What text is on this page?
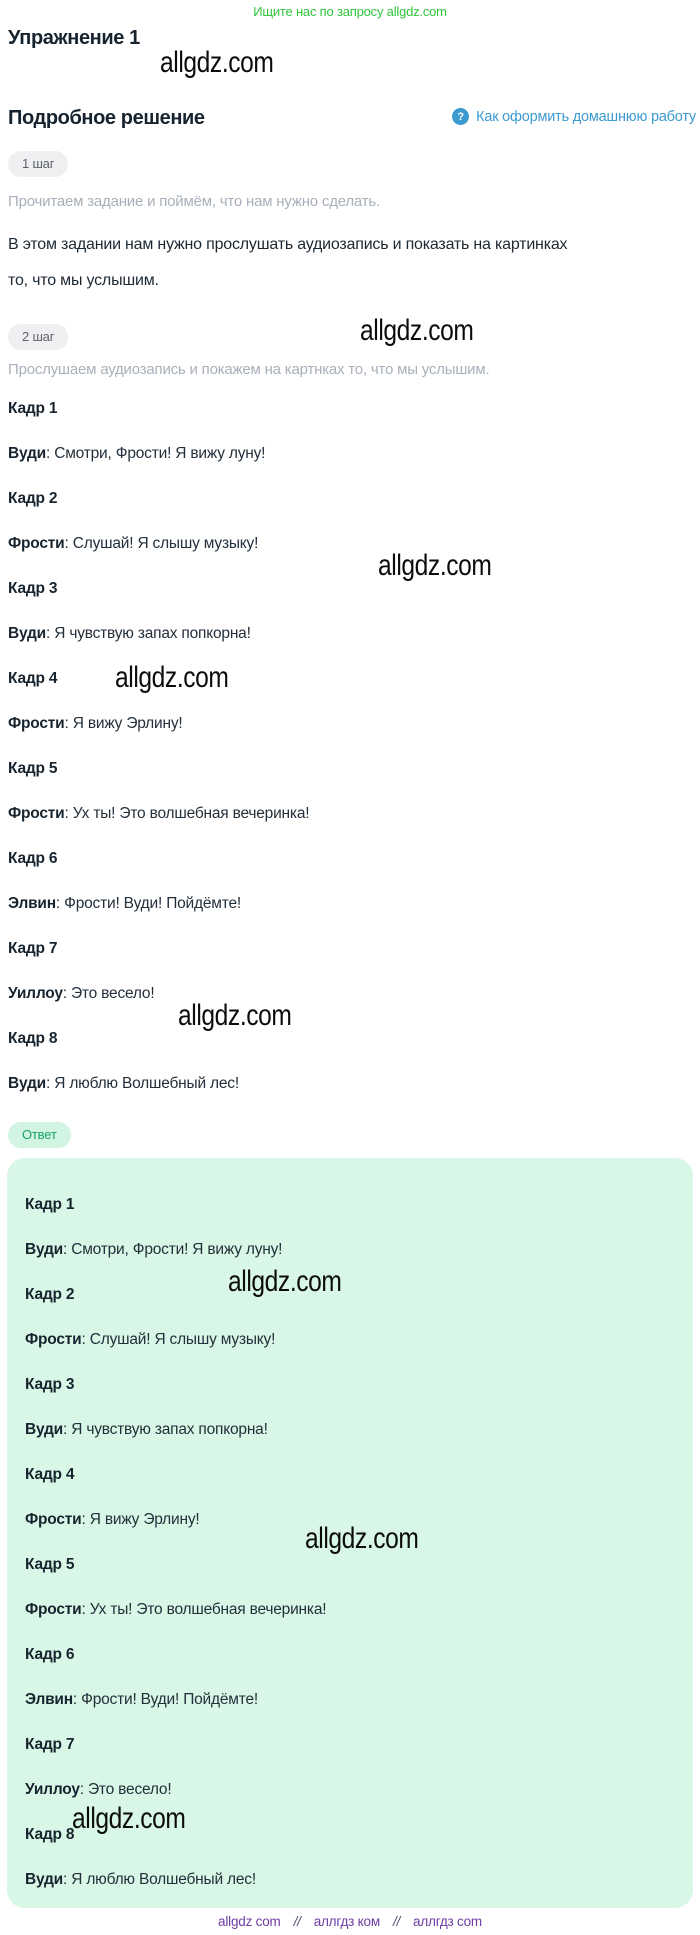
Ищите нас по запросу allgdz.com
Упражнение 1
Подробное решение	? Как оформить домашнюю работу
1 шаг
Прочитаем задание и поймём, что нам нужно сделать.
В этом задании нам нужно прослушать аудиозапись и показать на картинках то, что мы услышим.
2 шаг
Прослушаем аудиозапись и покажем на картнках то, что мы услышим.
Кадр 1
Вуди: Смотри, Фрости! Я вижу луну!
Кадр 2
Фрости: Слушай! Я слышу музыку!
Кадр 3
Вуди: Я чувствую запах попкорна!
Кадр 4
Фрости: Я вижу Эрлину!
Кадр 5
Фрости: Ух ты! Это волшебная вечеринка!
Кадр 6
Элвин: Фрости! Вуди! Пойдёмте!
Кадр 7
Уиллоу: Это весело!
Кадр 8
Вуди: Я люблю Волшебный лес!
Ответ
Кадр 1
Вуди: Смотри, Фрости! Я вижу луну!
Кадр 2
Фрости: Слушай! Я слышу музыку!
Кадр 3
Вуди: Я чувствую запах попкорна!
Кадр 4
Фрости: Я вижу Эрлину!
Кадр 5
Фрости: Ух ты! Это волшебная вечеринка!
Кадр 6
Элвин: Фрости! Вуди! Пойдёмте!
Кадр 7
Уиллоу: Это весело!
Кадр 8
Вуди: Я люблю Волшебный лес!
allgdz.com
allgdz.com
allgdz.com
allgdz.com
allgdz.com
allgdz.com
allgdz.com
allgdz.com
allgdz com // аллгдз ком // аллгдз com
